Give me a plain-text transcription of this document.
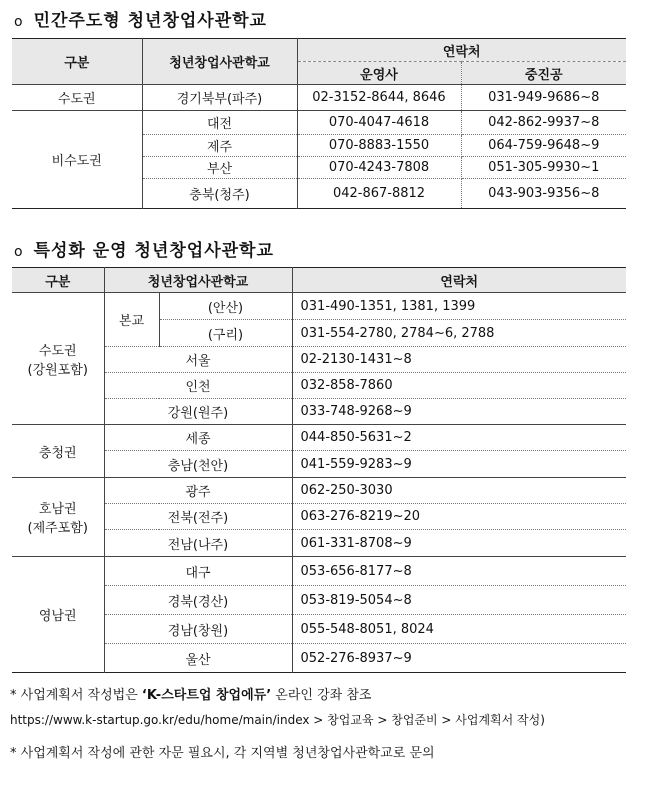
o 민간주도형 청년창업사관학교
구분	청년창업사관학교	연락처	
		운영사	중진공
수도권	경기북부(파주)	02-3152-8644, 8646	031-949-9686~8
비수도권	대전	070-4047-4618	042-862-9937~8
	제주	070-8883-1550	064-759-9648~9
	부산	070-4243-7808	051-305-9930~1
	충북(청주)	042-867-8812	043-903-9356~8
o 특성화 운영 청년창업사관학교
구분	청년창업사관학교		연락처

수도권
(강원포함)	본교	(안산)	031-490-1351, 1381, 1399
		(구리)	031-554-2780, 2784~6, 2788
	서울		02-2130-1431~8
	인천		032-858-7860
	강원(원주)		033-748-9268~9

충청권	세종		044-850-5631~2
	충남(천안)		041-559-9283~9

호남권
(제주포함)	광주		062-250-3030
	전북(전주)		063-276-8219~20
	전남(나주)		061-331-8708~9

영남권	대구		053-656-8177~8
	경북(경산)		053-819-5054~8
	경남(창원)		055-548-8051, 8024
	울산		052-276-8937~9
* 사업계획서 작성법은 ‘K-스타트업 창업에듀’ 온라인 강좌 참조
https://www.k-startup.go.kr/edu/home/main/index > 창업교육 > 창업준비 > 사업계획서 작성)
* 사업계획서 작성에 관한 자문 필요시, 각 지역별 청년창업사관학교로 문의
